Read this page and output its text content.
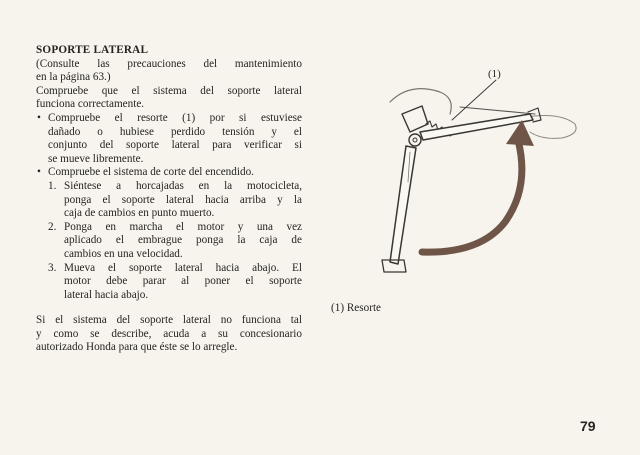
SOPORTE LATERAL
(Consulte las precauciones del mantenimiento
en la página 63.)
Compruebe que el sistema del soporte lateral
funciona correctamente.
• Compruebe el resorte (1) por si estuviese
dañado o hubiese perdido tensión y el
conjunto del soporte lateral para verificar si
se mueve libremente.
• Compruebe el sistema de corte del encendido.
1. Siéntese a horcajadas en la motocicleta,
ponga el soporte lateral hacia arriba y la
caja de cambios en punto muerto.
2. Ponga en marcha el motor y una vez
aplicado el embrague ponga la caja de
cambios en una velocidad.
3. Mueva el soporte lateral hacia abajo. El
motor debe parar al poner el soporte
lateral hacia abajo.
Si el sistema del soporte lateral no funciona tal
y como se describe, acuda a su concesionario
autorizado Honda para que éste se lo arregle.
(1)
(1) Resorte
79
